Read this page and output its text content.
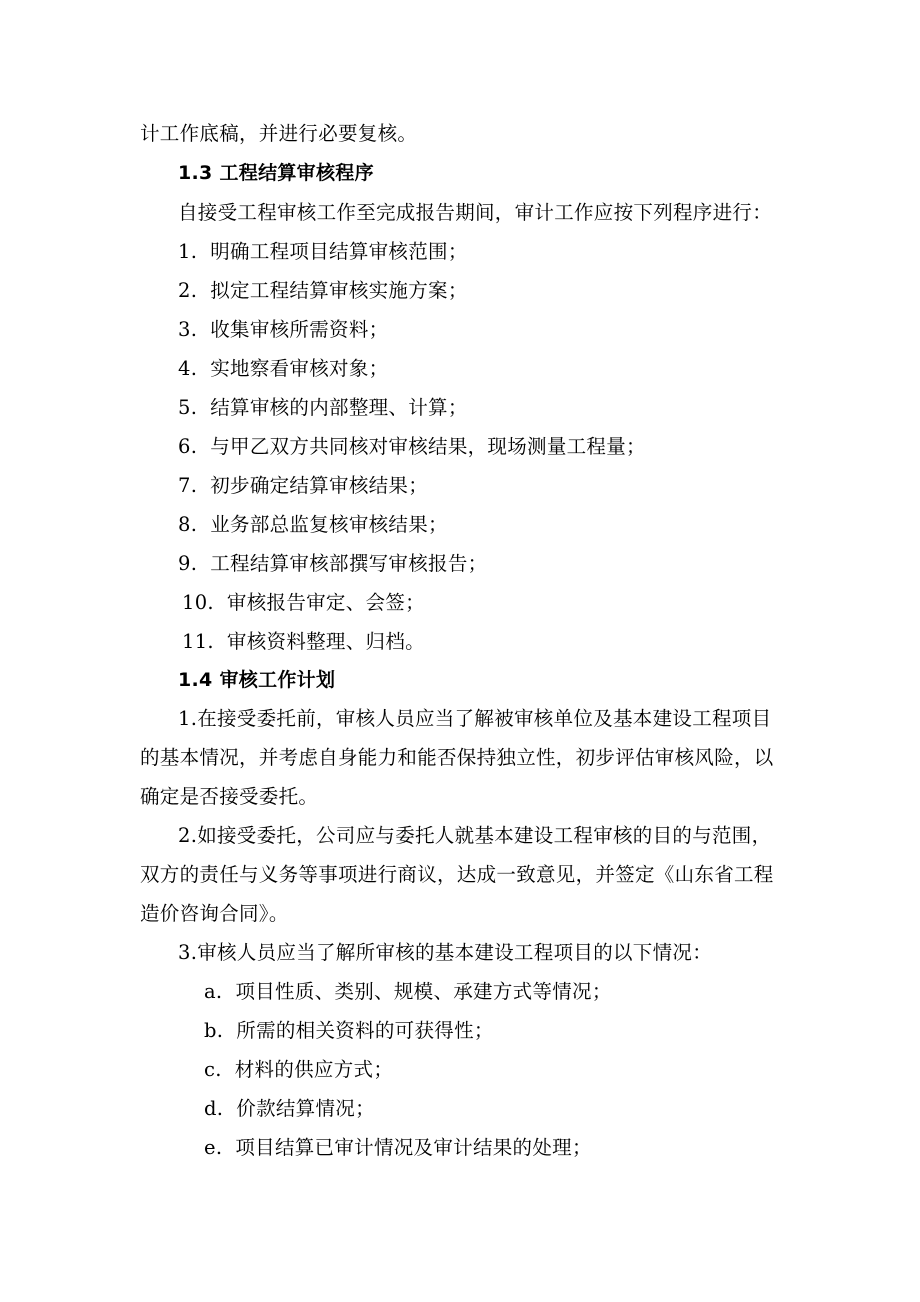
计工作底稿，并进行必要复核。
1.3 工程结算审核程序
自接受工程审核工作至完成报告期间，审计工作应按下列程序进行：
1. 明确工程项目结算审核范围；
2. 拟定工程结算审核实施方案；
3. 收集审核所需资料；
4. 实地察看审核对象；
5. 结算审核的内部整理、计算；
6. 与甲乙双方共同核对审核结果，现场测量工程量；
7. 初步确定结算审核结果；
8. 业务部总监复核审核结果；
9. 工程结算审核部撰写审核报告；
10. 审核报告审定、会签；
11. 审核资料整理、归档。
1.4 审核工作计划
1.在接受委托前，审核人员应当了解被审核单位及基本建设工程项目
的基本情况，并考虑自身能力和能否保持独立性，初步评估审核风险，以
确定是否接受委托。
2.如接受委托，公司应与委托人就基本建设工程审核的目的与范围，
双方的责任与义务等事项进行商议，达成一致意见，并签定《山东省工程
造价咨询合同》。
3.审核人员应当了解所审核的基本建设工程项目的以下情况：
a. 项目性质、类别、规模、承建方式等情况；
b. 所需的相关资料的可获得性；
c. 材料的供应方式；
d. 价款结算情况；
e. 项目结算已审计情况及审计结果的处理；
